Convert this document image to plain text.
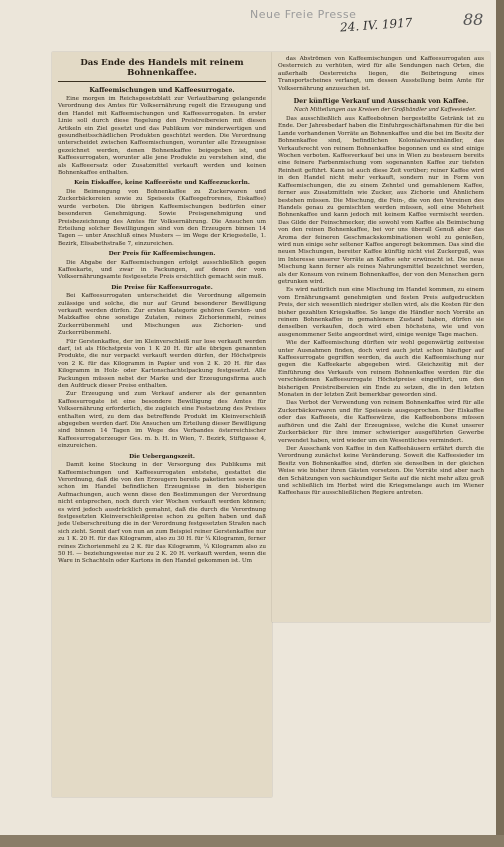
Neue Freie Presse
24. IV. 1917	88
Das Ende des Handels mit reinem Bohnenkaffee.
Kaffeemischungen und Kaffeesurrogate.

Eine morgen im Reichsgesetzblatt zur Verlautbarung gelangende Verordnung des Amtes für Volksernährung regelt die Erzeugung und den Handel mit Kaffeemischungen und Kaffeesurrogaten. In erster Linie soll durch diese Regelung den Preistreibereien mit diesen Artikeln ein Ziel gesetzt und das Publikum vor minderwertigen und gesundheitsschädlichen Produkten geschützt werden. Die Verordnung unterscheidet zwischen Kaffeemischungen, worunter alle Erzeugnisse gezeichnet werden, denen Bohnenkaffee beigegeben ist, und Kaffeesurrogaten, worunter alle jene Produkte zu verstehen sind, die als Kaffeeersatz oder Zusatzmittel verkauft werden und keinen Bohnenkaffee enthalten.

Kein Eiskaffee, keine Kaffeeröste und Kaffeezuckerln.

Die Beimengung von Bohnenkaffee zu Zuckerwaren und Zuckerbäckereien sowie zu Speiseeis (Kaffeegefrorenes, Eiskaffee) wurde verboten. Die übrigen Kaffeemischungen bedürfen einer besonderen Genehmigung. Sowie Preisgenehmigung und Preisbezeichnung des Amtes für Volksernährung. Die Ansuchen um Erteilung solcher Bewilligungen sind von den Erzeugern binnen 14 Tagen — unter Anschluß eines Musters — im Wege der Kriegsstelle, 1. Bezirk, Elisabethstraße 7, einzureichen.

Der Preis für Kaffeemischungen.

Die Abgabe der Kaffeemischungen erfolgt ausschließlich gegen Kaffeekarte, und zwar in Packungen, auf denen der vom Volksernährungsamte festgesetzte Preis ersichtlich gemacht sein muß.

Die Preise für Kaffeesurrogate.

Bei Kaffeesurrogaten unterscheidet die Verordnung allgemein zulässige und solche, die nur auf Grund besonderer Bewilligung verkauft werden dürfen. Zur ersten Kategorie gehören Gersten- und Malzkaffee ohne sonstige Zutaten, reines Zichorienmehl, reines Zuckerrübenmehl und Mischungen aus Zichorien- und Zuckerrübenmehl.

Für Gerstenkaffee, der im Kleinverschleiß nur lose verkauft werden darf, ist als Höchstpreis von 1 K 20 H. für alle übrigen genannten Produkte, die nur verpackt verkauft werden dürfen, der Höchstpreis von 2 K. für das Kilogramm in Papier und von 2 K. 20 H. für das Kilogramm in Holz- oder Kartonschachtelpackung festgesetzt. Alle Packungen müssen nebst der Marke und der Erzeugungsfirma auch den Aufdruck dieser Preise enthalten.

Zur Erzeugung und zum Verkauf anderer als der genannten Kaffeesurrogate ist eine besondere Bewilligung des Amtes für Volksernährung erforderlich, die zugleich eine Festsetzung des Preises enthalten wird, zu dem das betreffende Produkt im Kleinverschleiß abgegeben werden darf. Die Ansuchen um Erteilung dieser Bewilligung sind binnen 14 Tagen im Wege des Verbandes österreichischer Kaffeesurrogaterzeuger Ges. m. b. H. in Wien, 7. Bezirk, Stiftgasse 4, einzureichen.

Die Uebergangszeit.

Damit keine Stockung in der Versorgung des Publikums mit Kaffeemischungen und Kaffeesurrogaten entstehe, gestattet die Verordnung, daß die von den Erzeugern bereits paketierten sowie die schon im Handel befindlichen Erzeugnisse in den bisherigen Aufmachungen, auch wenn diese den Bestimmungen der Verordnung nicht entsprechen, noch durch vier Wochen verkauft werden können; es wird jedoch ausdrücklich gemahnt, daß die durch die Verordnung festgesetzten Kleinverschleißpreise schon zu gelten haben und daß jede Ueberschreitung die in der Verordnung festgesetzten Strafen nach sich zieht. Somit darf von nun an zum Beispiel reiner Gerstenkaffee nur zu 1 K. 20 H. für das Kilogramm, also zu 30 H. für ¼ Kilogramm, ferner reines Zichorienmehl zu 2 K. für das Kilogramm, ¼ Kilogramm also zu 50 H. — beziehungsweise nur zu 2 K. 20 H. verkauft werden, wenn die Ware in Schachteln oder Kartons in den Handel gekommen ist. Um

das Abströmen von Kaffeemischungen und Kaffeesurrogaten aus Oesterreich zu verhüten, wird für alle Sendungen nach Orten, die außerhalb Oesterreichs liegen, die Beibringung eines Transportscheines verlangt, um dessen Ausstellung beim Amte für Volksernährung anzusuchen ist.

Der künftige Verkauf und Ausschank von Kaffee.

Nach Mitteilungen aus Kreisen der Großhändler und Kaffeesieder.

Das ausschließlich aus Kaffeebohnen hergestellte Getränk ist zu Ende. Der Jahresbedarf haben die Einfuhrgeschäftsnahmen für die bei Lande vorhandenen Vorräte an Bohnenkaffee und die bei im Besitz der Bohnenkaffee sind, befindlichen Kolonialwarenhändler, das Verkaufsrecht von reinem Bohnenkaffee begonnen und es sind einige Wochen verboten. Kaffeeverkauf bei uns in Wien zu besteuern bereits eine feinere Farbenmischung vom sogenannten Kaffee zur tiefsten Reinheit geführt. Kann ist auch diese Zeit vorüber; reiner Kaffee wird in den Handel nicht mehr verkauft, sondern nur in Form von Kaffeemischungen, die zu einem Zehntel und gemahlenem Kaffee, ferner aus Zusatzmitteln wie Zucker, aus Zichorie und Ähnlichem bestehen müssen. Die Mischung, die Fein-, die von den Vereinen des Handels genau zu gemischten werden müssen, soll eine Mehrheit Bohnenkaffee und kann jedoch mit keinem Kaffee vermischt werden. Das Gilde der Feinschmecker, die sowohl vom Kaffee als Beimischung von den reinen Bohnenkaffee, bei vor uns überall Genuß aber das Aroma der feineren Geschmackskombinationen wohl zu genießen, wird nun einige sehr seltener Kaffee angeregt bekommen. Das sind die neuen Mischungen, bereiter Kaffee künftig nicht viel Zuckerguß, was im Interesse unserer Vorräte an Kaffee sehr erwünscht ist. Die neue Mischung kann ferner als reines Nahrungsmittel bezeichnet werden, als der Konsum von reinem Bohnenkaffee, der von den Menschen gern getrunken wird.

Es wird natürlich nun eine Mischung im Handel kommen, zu einem vom Ernährungsamt genehmigten und festen Preis aufgedruckten Preis, der sich wesentlich niedriger stellen wird, als die Kosten für den bisher gezahlten Kriegskaffee. So lange die Händler noch Vorräte an reinem Bohnenkaffee in gemahlenem Zustand haben, dürfen sie denselben verkaufen, doch wird eben höchstens, wie und von ausgenommener Seite angeordnet wird, einige wenige Tage machen.

Wie der Kaffeemischung dürften wir wohl gegenwärtig zeitweise unter Ausnahmen finden, doch wird auch jetzt schon häufiger auf Kaffeesurrogate gegriffen werden, da auch die Kaffeemischung nur gegen die Kaffeekarte abgegeben wird. Gleichzeitig mit der Einführung des Verkaufs von reinem Bohnenkaffee werden für die verschiedenen Kaffeesurrogate Höchstpreise eingeführt, um den bisherigen Preistreibereien ein Ende zu setzen, die in den letzten Monaten in der letzten Zeit bemerkbar geworden sind.

Das Verbot der Verwendung von reinem Bohnenkaffee wird für alle Zuckerbäckerwaren und für Speiseeis ausgesprochen. Der Eiskaffee oder das Kaffeeeis, die Kaffeewürze, die Kaffeebonbons müssen aufhören und die Zahl der Erzeugnisse, welche die Kunst unserer Zuckerbäcker für ihre immer schwieriger ausgeführten Gewerbe verwendet haben, wird wieder um ein Wesentliches vermindert.

Der Ausschank von Kaffee in den Kaffeehäusern erfährt durch die Verordnung zunächst keine Veränderung. Soweit die Kaffeesieder im Besitz von Bohnenkaffee sind, dürfen sie denselben in der gleichen Weise wie bisher ihren Gästen vorsetzen. Die Vorräte sind aber nach den Schätzungen von sachkundiger Seite auf die nicht mehr allzu groß und schließlich im Herbst wird die Kriegsmelange auch im Wiener Kaffeehaus für ausschließlichen Regiere antreten.
